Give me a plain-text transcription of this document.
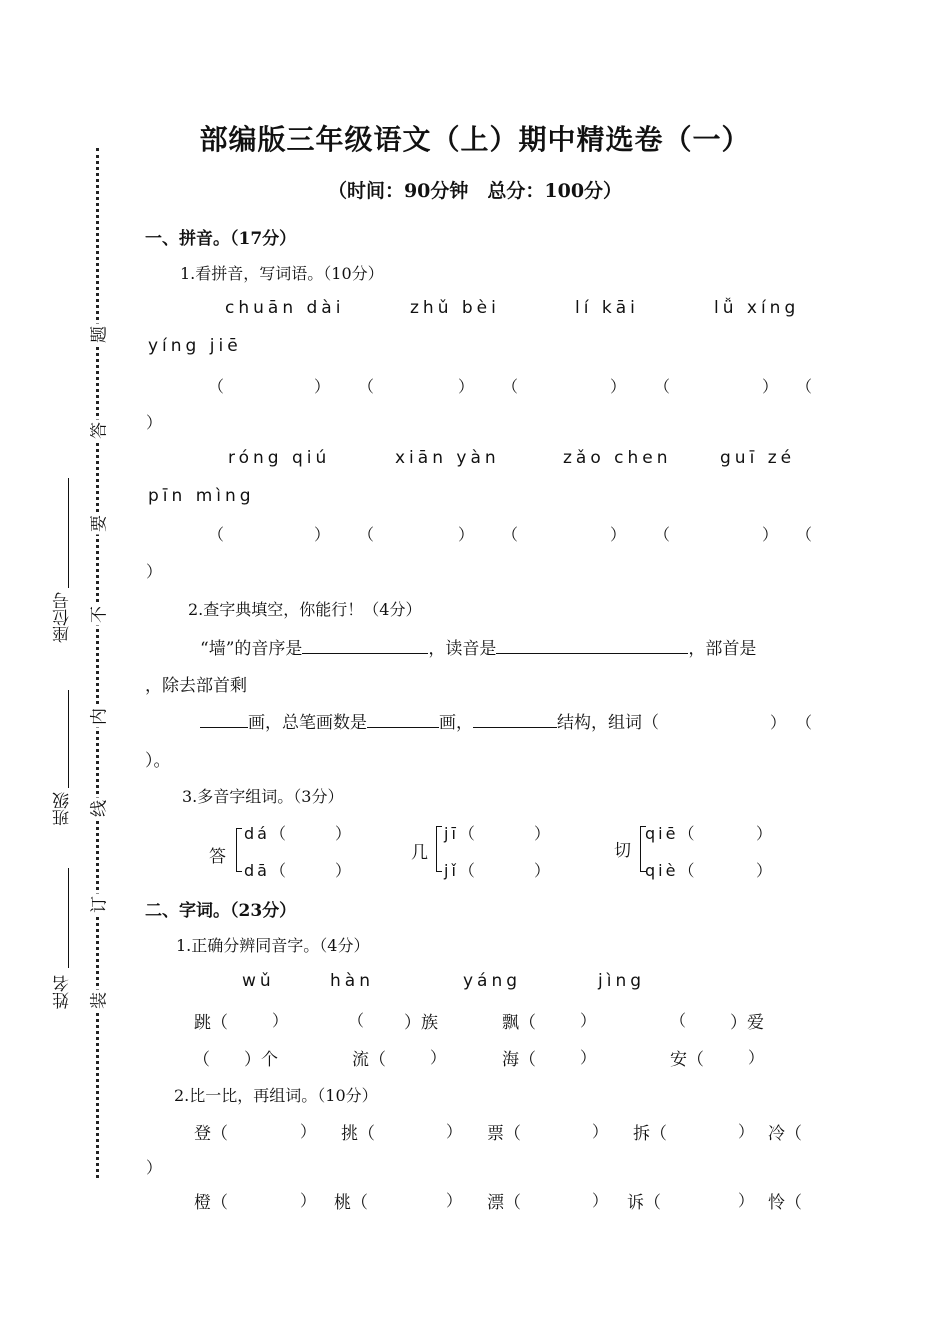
装
订
线
内
不
要
答
题
姓名
班级
座位号
部编版三年级语文（上）期中精选卷（一）
（时间：90分钟　总分：100分）
一、拼音。（17分）
1.看拼音，写词语。（10分）
chuān dài	zhǔ bèi	lí kāi	lǚ xíng
yíng jiē
（	） （	） （	） （	） （
）
róng qiú	xiān yàn	zǎo chen	guī zé
pīn mìng
（	） （	） （	） （	） （
）
2.查字典填空，你能行！（4分）
“墙”的音序是	，读音是	，部首是
，除去部首剩
画，总笔画数是	画，	结构，组词（	） （
）。
3.多音字组词。（3分）
答
dá（	）
dā（	）
几
jī（	）
jǐ（	）
切
qiē（	）
qiè（	）
二、字词。（23分）
1.正确分辨同音字。（4分）
wǔ	hàn	yáng	jìng
跳（	）	（ ）族	飘（	）	（	）爱
（ ）个	流（	）	海（	）	安（	）
2.比一比，再组词。（10分）
登（	） 挑（	） 票（	） 拆（	） 冷（
）
橙（	） 桃（	） 漂（	） 诉（	） 怜（
